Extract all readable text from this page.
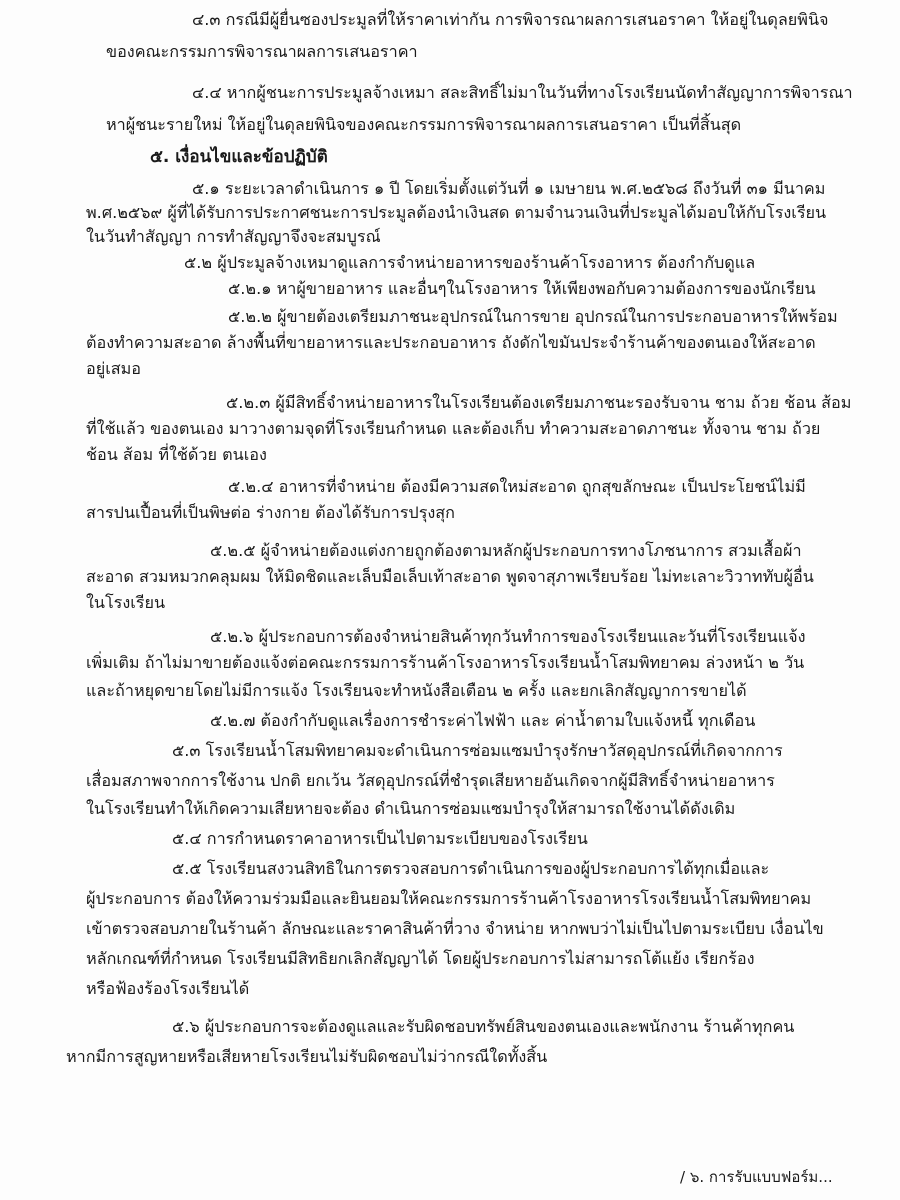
๔.๓ กรณีมีผู้ยื่นซองประมูลที่ให้ราคาเท่ากัน การพิจารณาผลการเสนอราคา ให้อยู่ในดุลยพินิจ
ของคณะกรรมการพิจารณาผลการเสนอราคา
๔.๔ หากผู้ชนะการประมูลจ้างเหมา สละสิทธิ์ไม่มาในวันที่ทางโรงเรียนนัดทำสัญญาการพิจารณา
หาผู้ชนะรายใหม่ ให้อยู่ในดุลยพินิจของคณะกรรมการพิจารณาผลการเสนอราคา เป็นที่สิ้นสุด
๕. เงื่อนไขและข้อปฏิบัติ
๕.๑ ระยะเวลาดำเนินการ ๑ ปี โดยเริ่มตั้งแต่วันที่ ๑ เมษายน พ.ศ.๒๕๖๘ ถึงวันที่ ๓๑ มีนาคม
พ.ศ.๒๕๖๙ ผู้ที่ได้รับการประกาศชนะการประมูลต้องนำเงินสด ตามจำนวนเงินที่ประมูลได้มอบให้กับโรงเรียน
ในวันทำสัญญา การทำสัญญาจึงจะสมบูรณ์
๕.๒ ผู้ประมูลจ้างเหมาดูแลการจำหน่ายอาหารของร้านค้าโรงอาหาร ต้องกำกับดูแล
๕.๒.๑ หาผู้ขายอาหาร และอื่นๆในโรงอาหาร ให้เพียงพอกับความต้องการของนักเรียน
๕.๒.๒ ผู้ขายต้องเตรียมภาชนะอุปกรณ์ในการขาย อุปกรณ์ในการประกอบอาหารให้พร้อม
ต้องทำความสะอาด ล้างพื้นที่ขายอาหารและประกอบอาหาร ถังดักไขมันประจำร้านค้าของตนเองให้สะอาด
อยู่เสมอ
๕.๒.๓ ผู้มีสิทธิ์จำหน่ายอาหารในโรงเรียนต้องเตรียมภาชนะรองรับจาน ชาม ถ้วย ช้อน ส้อม
ที่ใช้แล้ว ของตนเอง มาวางตามจุดที่โรงเรียนกำหนด และต้องเก็บ ทำความสะอาดภาชนะ ทั้งจาน ชาม ถ้วย
ช้อน ส้อม ที่ใช้ด้วย ตนเอง
๕.๒.๔ อาหารที่จำหน่าย ต้องมีความสดใหม่สะอาด ถูกสุขลักษณะ เป็นประโยชน์ไม่มี
สารปนเปื้อนที่เป็นพิษต่อ ร่างกาย ต้องได้รับการปรุงสุก
๕.๒.๕ ผู้จำหน่ายต้องแต่งกายถูกต้องตามหลักผู้ประกอบการทางโภชนาการ สวมเสื้อผ้า
สะอาด สวมหมวกคลุมผม ให้มิดชิดและเล็บมือเล็บเท้าสะอาด พูดจาสุภาพเรียบร้อย ไม่ทะเลาะวิวาททับผู้อื่น
ในโรงเรียน
๕.๒.๖ ผู้ประกอบการต้องจำหน่ายสินค้าทุกวันทำการของโรงเรียนและวันที่โรงเรียนแจ้ง
เพิ่มเติม ถ้าไม่มาขายต้องแจ้งต่อคณะกรรมการร้านค้าโรงอาหารโรงเรียนน้ำโสมพิทยาคม ล่วงหน้า ๒ วัน
และถ้าหยุดขายโดยไม่มีการแจ้ง โรงเรียนจะทำหนังสือเตือน ๒ ครั้ง และยกเลิกสัญญาการขายได้
๕.๒.๗ ต้องกำกับดูแลเรื่องการชำระค่าไฟฟ้า และ ค่าน้ำตามใบแจ้งหนี้ ทุกเดือน
๕.๓ โรงเรียนน้ำโสมพิทยาคมจะดำเนินการซ่อมแซมบำรุงรักษาวัสดุอุปกรณ์ที่เกิดจากการ
เสื่อมสภาพจากการใช้งาน ปกติ ยกเว้น วัสดุอุปกรณ์ที่ชำรุดเสียหายอันเกิดจากผู้มีสิทธิ์จำหน่ายอาหาร
ในโรงเรียนทำให้เกิดความเสียหายจะต้อง ดำเนินการซ่อมแซมบำรุงให้สามารถใช้งานได้ดังเดิม
๕.๔ การกำหนดราคาอาหารเป็นไปตามระเบียบของโรงเรียน
๕.๕ โรงเรียนสงวนสิทธิในการตรวจสอบการดำเนินการของผู้ประกอบการได้ทุกเมื่อและ
ผู้ประกอบการ ต้องให้ความร่วมมือและยินยอมให้คณะกรรมการร้านค้าโรงอาหารโรงเรียนน้ำโสมพิทยาคม
เข้าตรวจสอบภายในร้านค้า ลักษณะและราคาสินค้าที่วาง จำหน่าย หากพบว่าไม่เป็นไปตามระเบียบ เงื่อนไข
หลักเกณฑ์ที่กำหนด โรงเรียนมีสิทธิยกเลิกสัญญาได้ โดยผู้ประกอบการไม่สามารถโต้แย้ง เรียกร้อง
หรือฟ้องร้องโรงเรียนได้
๕.๖ ผู้ประกอบการจะต้องดูแลและรับผิดชอบทรัพย์สินของตนเองและพนักงาน ร้านค้าทุกคน
หากมีการสูญหายหรือเสียหายโรงเรียนไม่รับผิดชอบไม่ว่ากรณีใดทั้งสิ้น
/ ๖. การรับแบบฟอร์ม...
